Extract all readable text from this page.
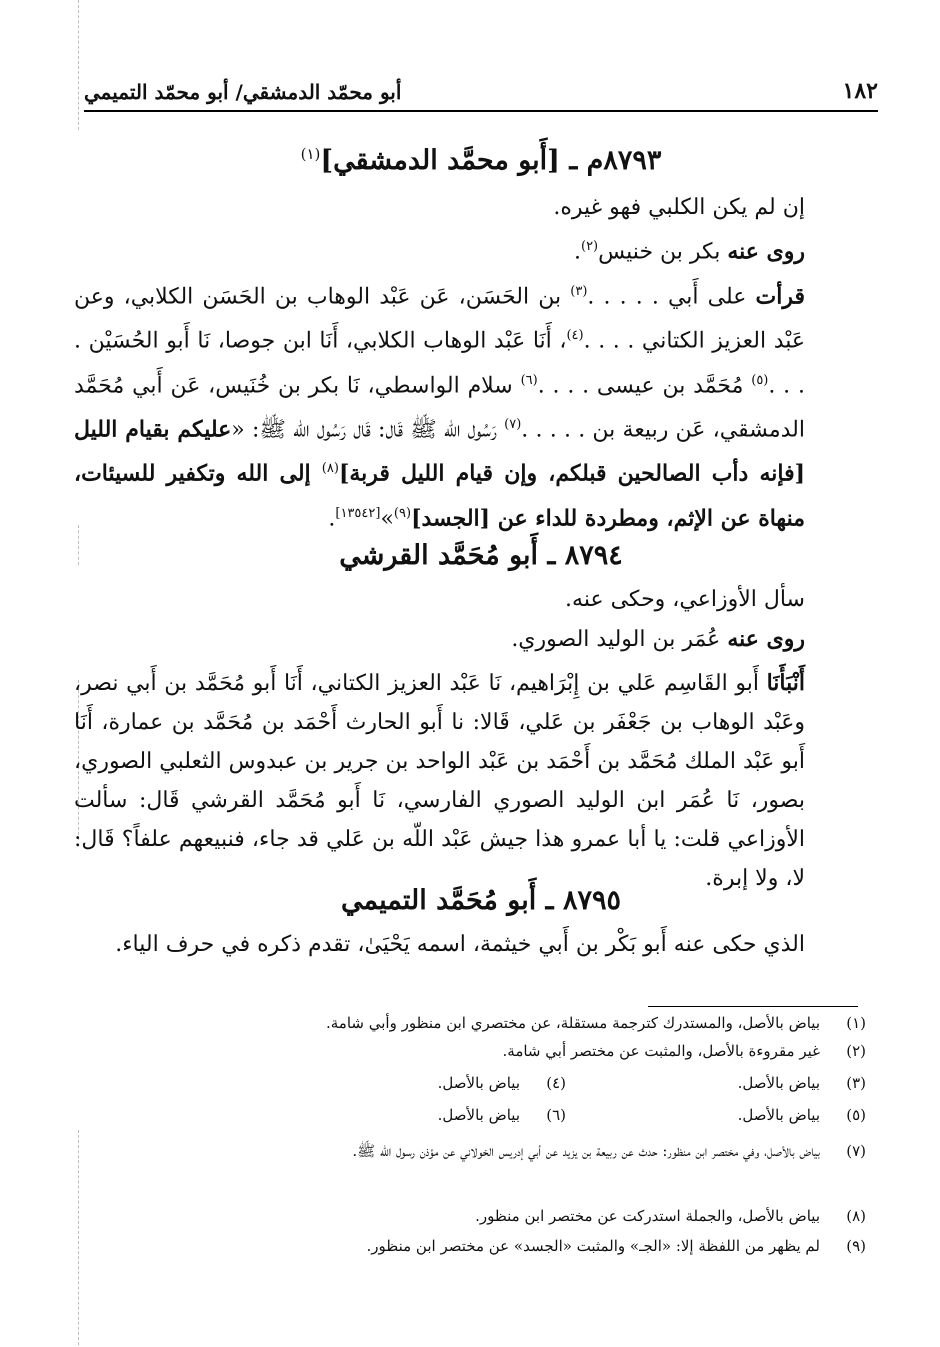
١٨٢
أبو محمّد الدمشقي/ أبو محمّد التميمي
٨٧٩٣م ـ [أَبو محمَّد الدمشقي]$^{(١)}$
إن لم يكن الكلبي فهو غيره.
روى عنه بكر بن خنيس$^{(٢)}$.
قرأت على أَبي . . . . .$^{(٣)}$ بن الحَسَن، عَن عَبْد الوهاب بن الحَسَن الكلابي، وعن عَبْد العزيز الكتاني . . . .$^{(٤)}$، أَنَا عَبْد الوهاب الكلابي، أَنَا ابن جوصا، نَا أَبو الحُسَيْن . . . .$^{(٥)}$ مُحَمَّد بن عيسى . . . .$^{(٦)}$ سلام الواسطي، نَا بكر بن خُنَيس، عَن أَبي مُحَمَّد الدمشقي، عَن ربيعة بن . . . . .$^{(٧)}$ رَسُول الله ﷺ قَال: قَال رَسُول الله ﷺ: «عليكم بقيام الليل [فإنه دأب الصالحين قبلكم، وإن قيام الليل قربة]$^{(٨)}$ إلى الله وتكفير للسيئات، منهاة عن الإثم، ومطردة للداء عن [الجسد]$^{(٩)}$»[١٣٥٤٢].
٨٧٩٤ ـ أَبو مُحَمَّد القرشي
سأل الأوزاعي، وحكى عنه.
روى عنه عُمَر بن الوليد الصوري.
أَنْبَأَنَا أَبو القَاسِم عَلي بن إِبْرَاهيم، نَا عَبْد العزيز الكتاني، أَنَا أَبو مُحَمَّد بن أَبي نصر، وعَبْد الوهاب بن جَعْفَر بن عَلي، قَالا: نا أَبو الحارث أَحْمَد بن مُحَمَّد بن عمارة، أَنَا أَبو عَبْد الملك مُحَمَّد بن أَحْمَد بن عَبْد الواحد بن جرير بن عبدوس الثعلبي الصوري، بصور، نَا عُمَر ابن الوليد الصوري الفارسي، نَا أَبو مُحَمَّد القرشي قَال: سألت الأوزاعي قلت: يا أبا عمرو هذا جيش عَبْد اللّه بن عَلي قد جاء، فنبيعهم علفاً؟ قَال: لا، ولا إبرة.
٨٧٩٥ ـ أَبو مُحَمَّد التميمي
الذي حكى عنه أَبو بَكْر بن أَبي خيثمة، اسمه يَحْيَىٰ، تقدم ذكره في حرف الياء.
(١)
بياض بالأصل، والمستدرك كترجمة مستقلة، عن مختصري ابن منظور وأبي شامة.
(٢)
غير مقروءة بالأصل، والمثبت عن مختصر أبي شامة.
(٣)
بياض بالأصل.
(٤)
بياض بالأصل.
(٥)
بياض بالأصل.
(٦)
بياض بالأصل.
(٧)
بياض بالأصل، وفي مختصر ابن منظور: حدث عن ربيعة بن يزيد عن أبي إدريس الخولاني عن مؤذن رسول الله ﷺ.
(٨)
بياض بالأصل، والجملة استدركت عن مختصر ابن منظور.
(٩)
لم يظهر من اللفظة إلا: «الجـ» والمثبت «الجسد» عن مختصر ابن منظور.
